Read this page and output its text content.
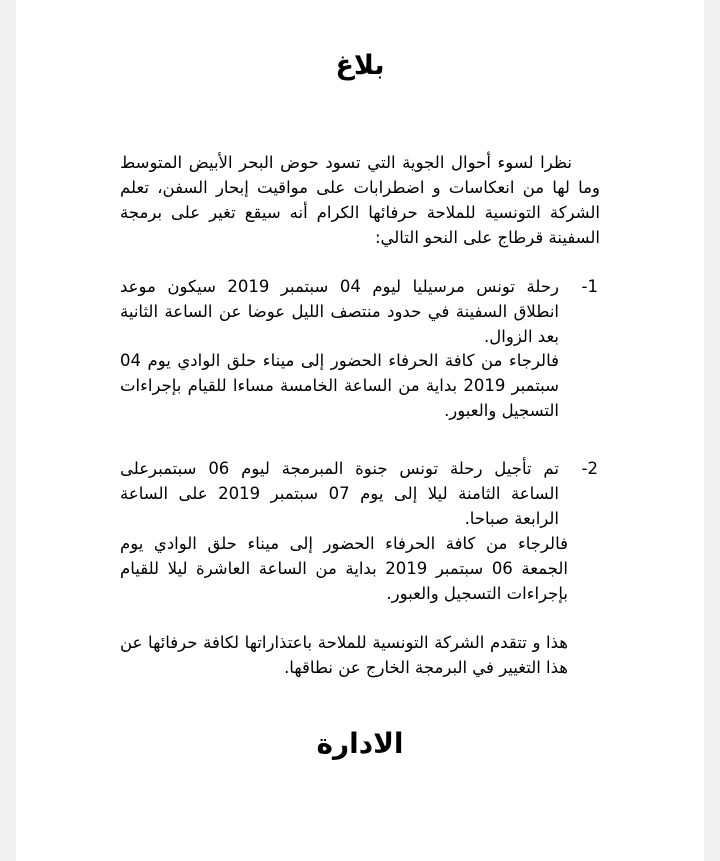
بلاغ
نظرا لسوء أحوال الجوية التي تسود حوض البحر الأبيض المتوسط وما لها من انعكاسات و اضطرابات على مواقيت إبحار السفن، تعلم الشركة التونسية للملاحة حرفائها الكرام أنه سيقع تغير على برمجة السفينة قرطاج على النحو التالي:
-1
رحلة تونس مرسيليا ليوم 04 سبتمبر 2019 سيكون موعد انطلاق السفينة في حدود منتصف الليل عوضا عن الساعة الثانية بعد الزوال.
فالرجاء من كافة الحرفاء الحضور إلى ميناء حلق الوادي يوم 04 سبتمبر 2019 بداية من الساعة الخامسة مساءا للقيام بإجراءات التسجيل والعبور.
-2
تم تأجيل رحلة تونس جنوة المبرمجة ليوم 06 سبتمبرعلى الساعة الثامنة ليلا إلى يوم 07 سبتمبر 2019 على الساعة الرابعة صباحا.
فالرجاء من كافة الحرفاء الحضور إلى ميناء حلق الوادي يوم الجمعة 06 سبتمبر 2019 بداية من الساعة العاشرة ليلا للقيام بإجراءات التسجيل والعبور.
هذا و تتقدم الشركة التونسية للملاحة باعتذاراتها لكافة حرفائها عن هذا التغيير في البرمجة الخارج عن نطاقها.
الادارة
